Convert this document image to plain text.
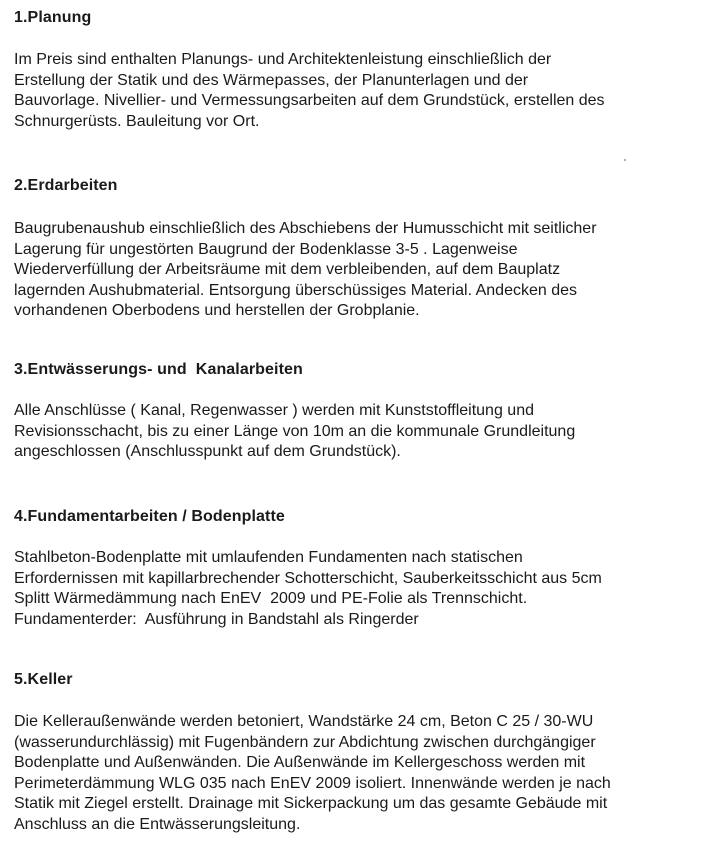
1.Planung

Im Preis sind enthalten Planungs- und Architektenleistung einschließlich der
Erstellung der Statik und des Wärmepasses, der Planunterlagen und der
Bauvorlage. Nivellier- und Vermessungsarbeiten auf dem Grundstück, erstellen des
Schnurgerüsts. Bauleitung vor Ort.

2.Erdarbeiten

Baugrubenaushub einschließlich des Abschiebens der Humusschicht mit seitlicher
Lagerung für ungestörten Baugrund der Bodenklasse 3-5 . Lagenweise
Wiederverfüllung der Arbeitsräume mit dem verbleibenden, auf dem Bauplatz
lagernden Aushubmaterial. Entsorgung überschüssiges Material. Andecken des
vorhandenen Oberbodens und herstellen der Grobplanie.

3.Entwässerungs- und  Kanalarbeiten

Alle Anschlüsse ( Kanal, Regenwasser ) werden mit Kunststoffleitung und
Revisionsschacht, bis zu einer Länge von 10m an die kommunale Grundleitung
angeschlossen (Anschlusspunkt auf dem Grundstück).

4.Fundamentarbeiten / Bodenplatte

Stahlbeton-Bodenplatte mit umlaufenden Fundamenten nach statischen
Erfordernissen mit kapillarbrechender Schotterschicht, Sauberkeitsschicht aus 5cm
Splitt Wärmedämmung nach EnEV  2009 und PE-Folie als Trennschicht.
Fundamenterder:  Ausführung in Bandstahl als Ringerder

5.Keller

Die Kelleraußenwände werden betoniert, Wandstärke 24 cm, Beton C 25 / 30-WU
(wasserundurchlässig) mit Fugenbändern zur Abdichtung zwischen durchgängiger
Bodenplatte und Außenwänden. Die Außenwände im Kellergeschoss werden mit
Perimeterdämmung WLG 035 nach EnEV 2009 isoliert. Innenwände werden je nach
Statik mit Ziegel erstellt. Drainage mit Sickerpackung um das gesamte Gebäude mit
Anschluss an die Entwässerungsleitung.
